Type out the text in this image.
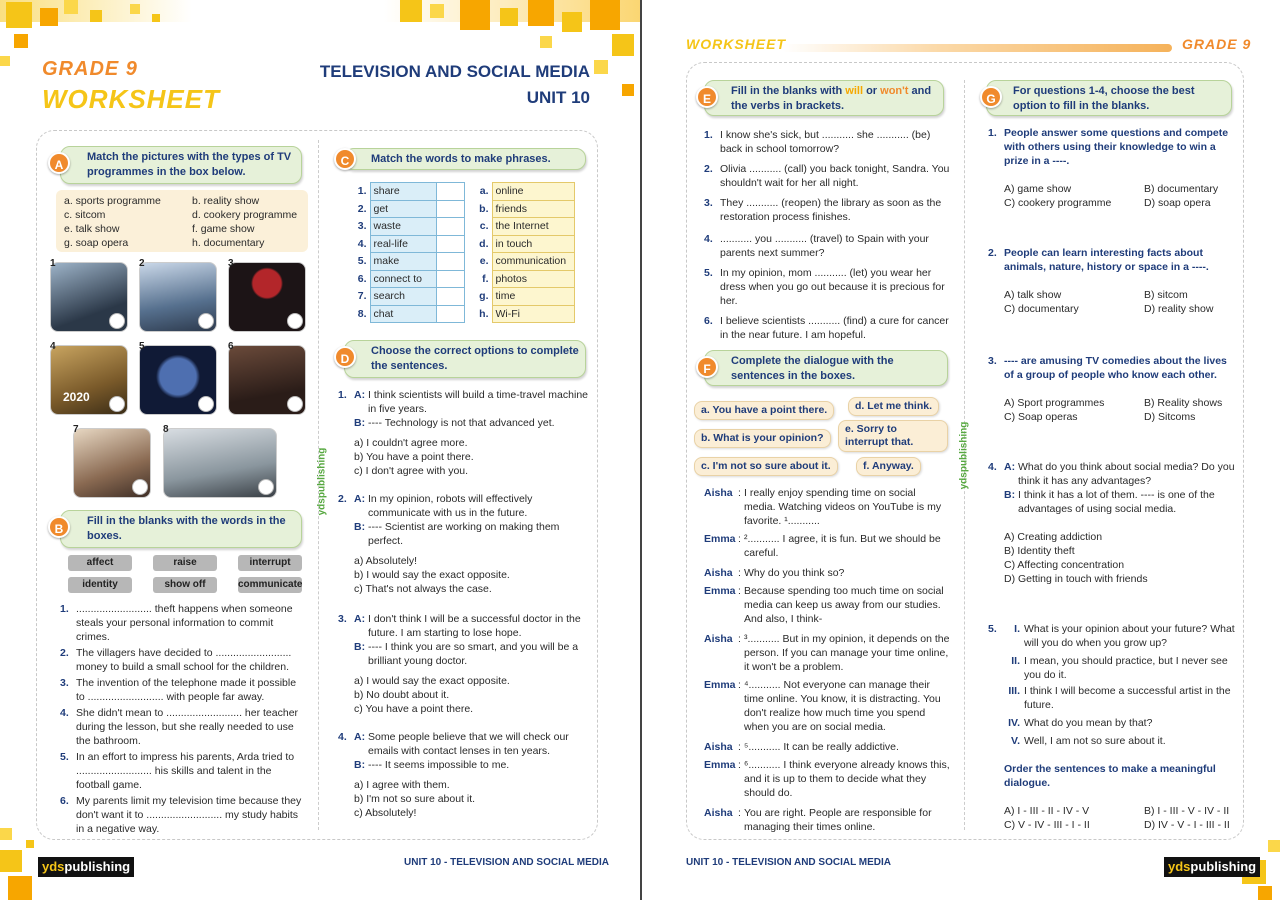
GRADE 9
WORKSHEET
TELEVISION AND SOCIAL MEDIA
UNIT 10
ydspublishing
Match the pictures with the types of TV programmes in the box below.
A
a. sports programme	b. reality show
c. sitcom	d. cookery programme
e. talk show	f. game show
g. soap opera	h. documentary
1	2	3
2020
4	5	6
7	8
Fill in the blanks with the words in the boxes.
B
affect	raise	interrupt
identity	show off	communicate
1. .......................... theft happens when someone steals your personal information to commit crimes.
2. The villagers have decided to .......................... money to build a small school for the children.
3. The invention of the telephone made it possible to .......................... with people far away.
4. She didn't mean to .......................... her teacher during the lesson, but she really needed to use the bathroom.
5. In an effort to impress his parents, Arda tried to .......................... his skills and talent in the football game.
6. My parents limit my television time because they don't want it to .......................... my study habits in a negative way.
Match the words to make phrases.
C
1.	share	
2.	get	
3.	waste	
4.	real-life	
5.	make	
6.	connect to	
7.	search	
8.	chat	
a.	online
b.	friends
c.	the Internet
d.	in touch
e.	communication
f.	photos
g.	time
h.	Wi-Fi
Choose the correct options to complete the sentences.
D
1. A: I think scientists will build a time-travel machine in five years.
B: ---- Technology is not that advanced yet.
a) I couldn't agree more.
b) You have a point there.
c) I don't agree with you.
2. A: In my opinion, robots will effectively communicate with us in the future.
B: ---- Scientist are working on making them perfect.
a) Absolutely!
b) I would say the exact opposite.
c) That's not always the case.
3. A: I don't think I will be a successful doctor in the future. I am starting to lose hope.
B: ---- I think you are so smart, and you will be a brilliant young doctor.
a) I would say the exact opposite.
b) No doubt about it.
c) You have a point there.
4. A: Some people believe that we will check our emails with contact lenses in ten years.
B: ---- It seems impossible to me.
a) I agree with them.
b) I'm not so sure about it.
c) Absolutely!
ydspublishing	UNIT 10 - TELEVISION AND SOCIAL MEDIA
WORKSHEET	GRADE 9
ydspublishing
Fill in the blanks with will or won't and the verbs in brackets.
E
1. I know she's sick, but ........... she ........... (be) back in school tomorrow?
2. Olivia ........... (call) you back tonight, Sandra. You shouldn't wait for her all night.
3. They ........... (reopen) the library as soon as the restoration process finishes.
4. ........... you ........... (travel) to Spain with your parents next summer?
5. In my opinion, mom ........... (let) you wear her dress when you go out because it is precious for her.
6. I believe scientists ........... (find) a cure for cancer in the near future. I am hopeful.
Complete the dialogue with the sentences in the boxes.
F
a. You have a point there.	d. Let me think.
b. What is your opinion?
e. Sorry to interrupt that.
c. I'm not so sure about it.	f. Anyway.
Aisha : I really enjoy spending time on social media. Watching videos on YouTube is my favorite. ¹...........
Emma : ²........... I agree, it is fun. But we should be careful.
Aisha : Why do you think so?
Emma : Because spending too much time on social media can keep us away from our studies. And also, I think-
Aisha : ³........... But in my opinion, it depends on the person. If you can manage your time online, it won't be a problem.
Emma : ⁴........... Not everyone can manage their time online. You know, it is distracting. You don't realize how much time you spend when you are on social media.
Aisha : ⁵........... It can be really addictive.
Emma : ⁶........... I think everyone already knows this, and it is up to them to decide what they should do.
Aisha : You are right. People are responsible for managing their times online.
For questions 1-4, choose the best option to fill in the blanks.
G
1. People answer some questions and compete with others using their knowledge to win a prize in a ----.
A) game show	B) documentary
C) cookery programme	D) soap opera
2. People can learn interesting facts about animals, nature, history or space in a ----.
A) talk show	B) sitcom
C) documentary	D) reality show
3. ---- are amusing TV comedies about the lives of a group of people who know each other.
A) Sport programmes	B) Reality shows
C) Soap operas	D) Sitcoms
4. A: What do you think about social media? Do you think it has any advantages?
B: I think it has a lot of them. ---- is one of the advantages of using social media.
A) Creating addiction
B) Identity theft
C) Affecting concentration
D) Getting in touch with friends
5.	I. What is your opinion about your future? What will you do when you grow up?
II. I mean, you should practice, but I never see you do it.
III. I think I will become a successful artist in the future.
IV. What do you mean by that?
V. Well, I am not so sure about it.
Order the sentences to make a meaningful dialogue.
A) I - III - II - IV - V	B) I - III - V - IV - II
C) V - IV - III - I - II	D) IV - V - I - III - II
UNIT 10 - TELEVISION AND SOCIAL MEDIA	ydspublishing
